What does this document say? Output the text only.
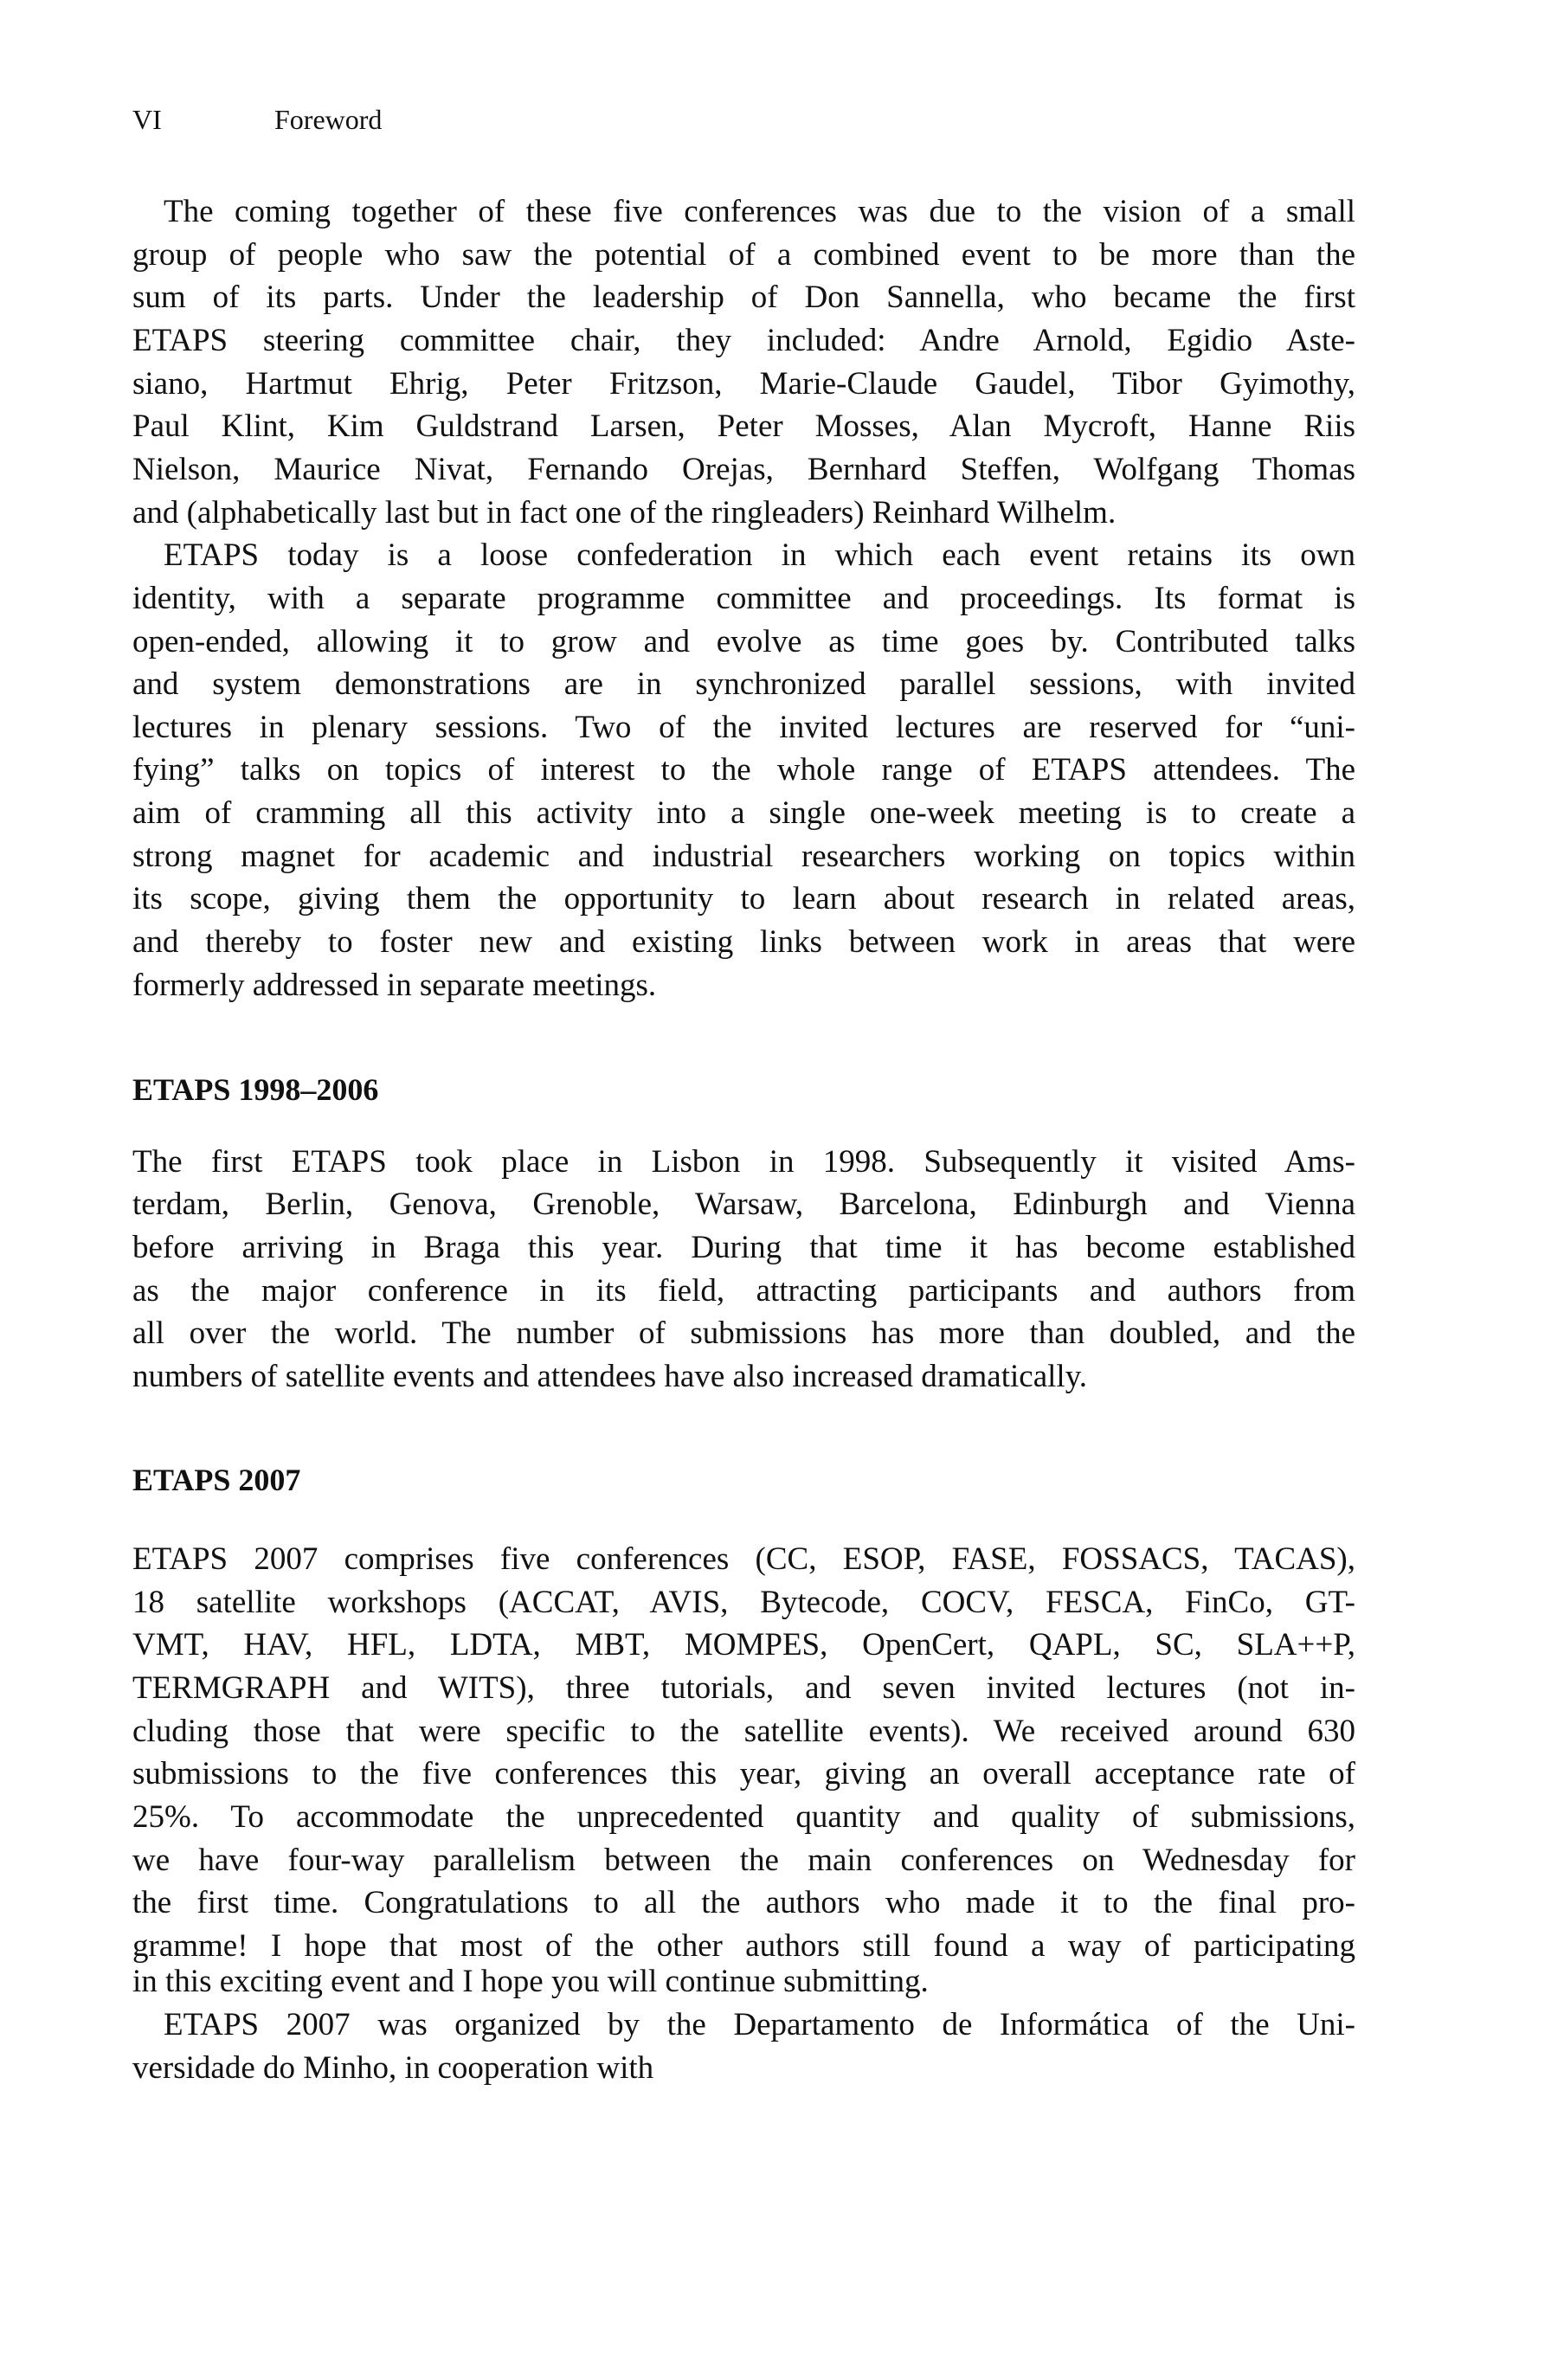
VI	Foreword
The coming together of these five conferences was due to the vision of a small
group of people who saw the potential of a combined event to be more than the
sum of its parts. Under the leadership of Don Sannella, who became the first
ETAPS steering committee chair, they included: Andre Arnold, Egidio Aste-
siano, Hartmut Ehrig, Peter Fritzson, Marie-Claude Gaudel, Tibor Gyimothy,
Paul Klint, Kim Guldstrand Larsen, Peter Mosses, Alan Mycroft, Hanne Riis
Nielson, Maurice Nivat, Fernando Orejas, Bernhard Steffen, Wolfgang Thomas
and (alphabetically last but in fact one of the ringleaders) Reinhard Wilhelm.
ETAPS today is a loose confederation in which each event retains its own
identity, with a separate programme committee and proceedings. Its format is
open-ended, allowing it to grow and evolve as time goes by. Contributed talks
and system demonstrations are in synchronized parallel sessions, with invited
lectures in plenary sessions. Two of the invited lectures are reserved for “uni-
fying” talks on topics of interest to the whole range of ETAPS attendees. The
aim of cramming all this activity into a single one-week meeting is to create a
strong magnet for academic and industrial researchers working on topics within
its scope, giving them the opportunity to learn about research in related areas,
and thereby to foster new and existing links between work in areas that were
formerly addressed in separate meetings.
ETAPS 1998–2006
The first ETAPS took place in Lisbon in 1998. Subsequently it visited Ams-
terdam, Berlin, Genova, Grenoble, Warsaw, Barcelona, Edinburgh and Vienna
before arriving in Braga this year. During that time it has become established
as the major conference in its field, attracting participants and authors from
all over the world. The number of submissions has more than doubled, and the
numbers of satellite events and attendees have also increased dramatically.
ETAPS 2007
ETAPS 2007 comprises five conferences (CC, ESOP, FASE, FOSSACS, TACAS),
18 satellite workshops (ACCAT, AVIS, Bytecode, COCV, FESCA, FinCo, GT-
VMT, HAV, HFL, LDTA, MBT, MOMPES, OpenCert, QAPL, SC, SLA++P,
TERMGRAPH and WITS), three tutorials, and seven invited lectures (not in-
cluding those that were specific to the satellite events). We received around 630
submissions to the five conferences this year, giving an overall acceptance rate of
25%. To accommodate the unprecedented quantity and quality of submissions,
we have four-way parallelism between the main conferences on Wednesday for
the first time. Congratulations to all the authors who made it to the final pro-
gramme! I hope that most of the other authors still found a way of participating
in this exciting event and I hope you will continue submitting.
ETAPS 2007 was organized by the Departamento de Informática of the Uni-
versidade do Minho, in cooperation with
